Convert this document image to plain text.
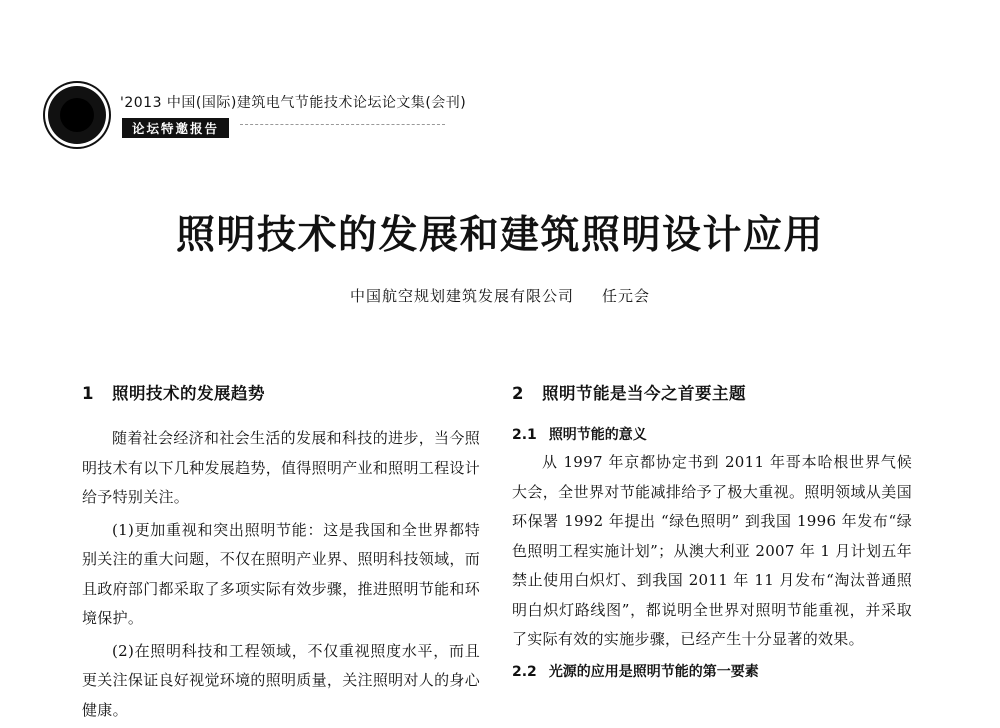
'2013 中国(国际)建筑电气节能技术论坛论文集(会刊)
论坛特邀报告
照明技术的发展和建筑照明设计应用
中国航空规划建筑发展有限公司 任元会
1 照明技术的发展趋势

随着社会经济和社会生活的发展和科技的进步，当今照明技术有以下几种发展趋势，值得照明产业和照明工程设计给予特别关注。

(1)更加重视和突出照明节能：这是我国和全世界都特别关注的重大问题，不仅在照明产业界、照明科技领域，而且政府部门都采取了多项实际有效步骤，推进照明节能和环境保护。

(2)在照明科技和工程领域，不仅重视照度水平，而且更关注保证良好视觉环境的照明质量，关注照明对人的身心健康。

2 照明节能是当今之首要主题
2.1 照明节能的意义

从 1997 年京都协定书到 2011 年哥本哈根世界气候大会，全世界对节能减排给予了极大重视。照明领域从美国环保署 1992 年提出 “绿色照明” 到我国 1996 年发布“绿色照明工程实施计划”；从澳大利亚 2007 年 1 月计划五年禁止使用白炽灯、到我国 2011 年 11 月发布“淘汰普通照明白炽灯路线图”，都说明全世界对照明节能重视，并采取了实际有效的实施步骤，已经产生十分显著的效果。

2.2 光源的应用是照明节能的第一要素
